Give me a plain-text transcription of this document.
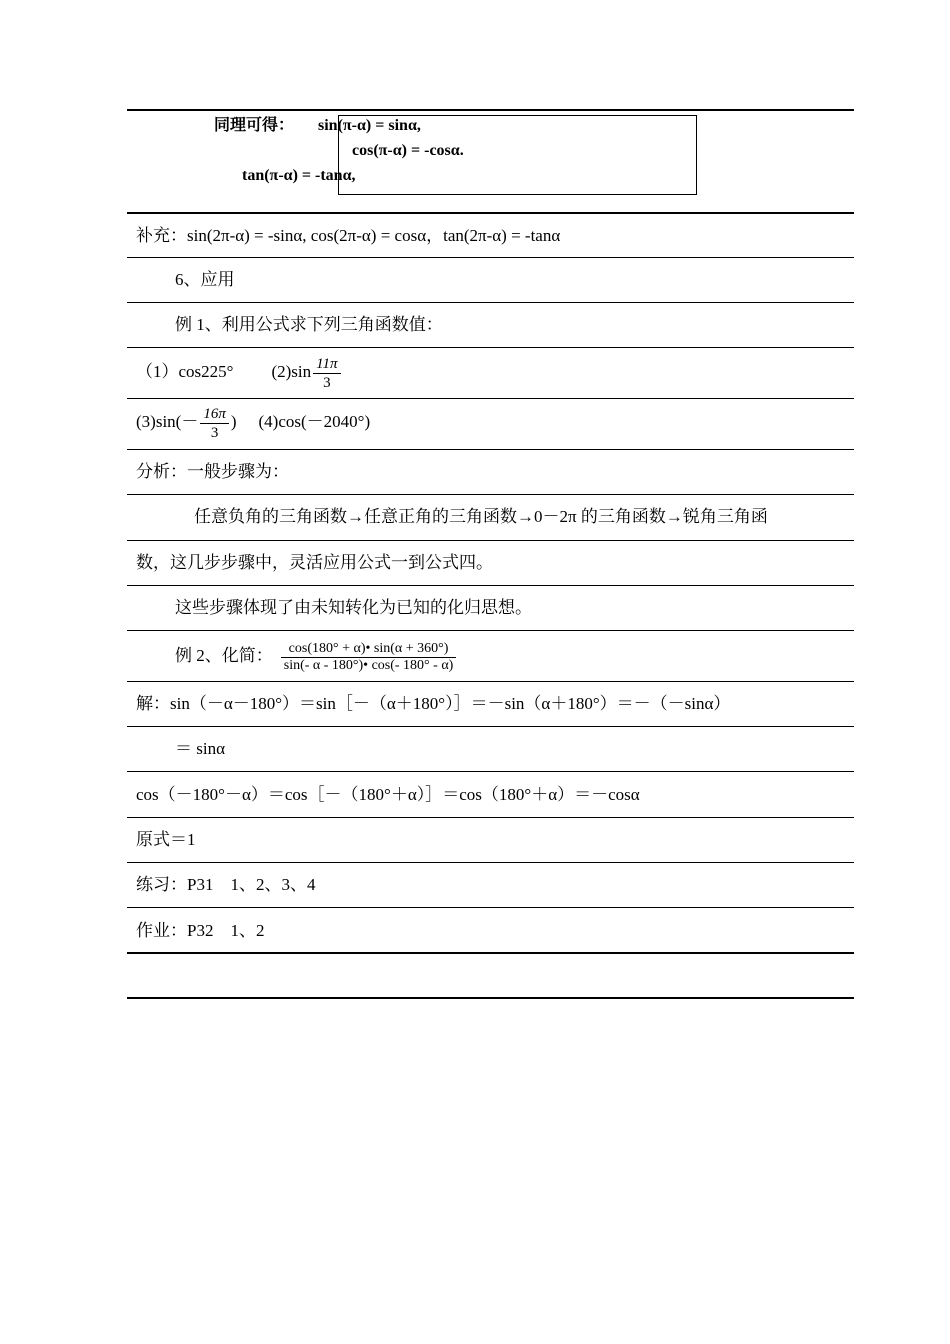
同理可得： sin(π-α) = sinα,
cos(π-α) = -cosα.
tan(π-α) = -tanα,
补充：sin(2π-α) = -sinα, cos(2π-α) = cosα，tan(2π-α) = -tanα
6、应用
例 1、利用公式求下列三角函数值：
（1）cos225° $(2)\sin \frac{11\pi}{3}$
$(3)\sin(- \frac{16\pi}{3}$ ) (4)cos(－2040°)
分析：一般步骤为：
任意负角的三角函数→任意正角的三角函数→0－2π 的三角函数→锐角三角函
数，这几步步骤中，灵活应用公式一到公式四。
这些步骤体现了由未知转化为已知的化归思想。
例 2、化简： $\frac{\cos(180^\circ + \alpha)• \sin(\alpha + 360^\circ)}{\sin(- \alpha - 180^\circ)• \cos(- 180^\circ - \alpha)}$
解：sin（－α－180°）＝sin［－（α＋180°）］＝－sin（α＋180°）＝－（－sinα）
＝ sinα
cos（－180°－α）＝cos［－（180°＋α）］＝cos（180°＋α）＝－cosα
原式＝1
练习：P31　1、2、3、4
作业：P32　1、2
